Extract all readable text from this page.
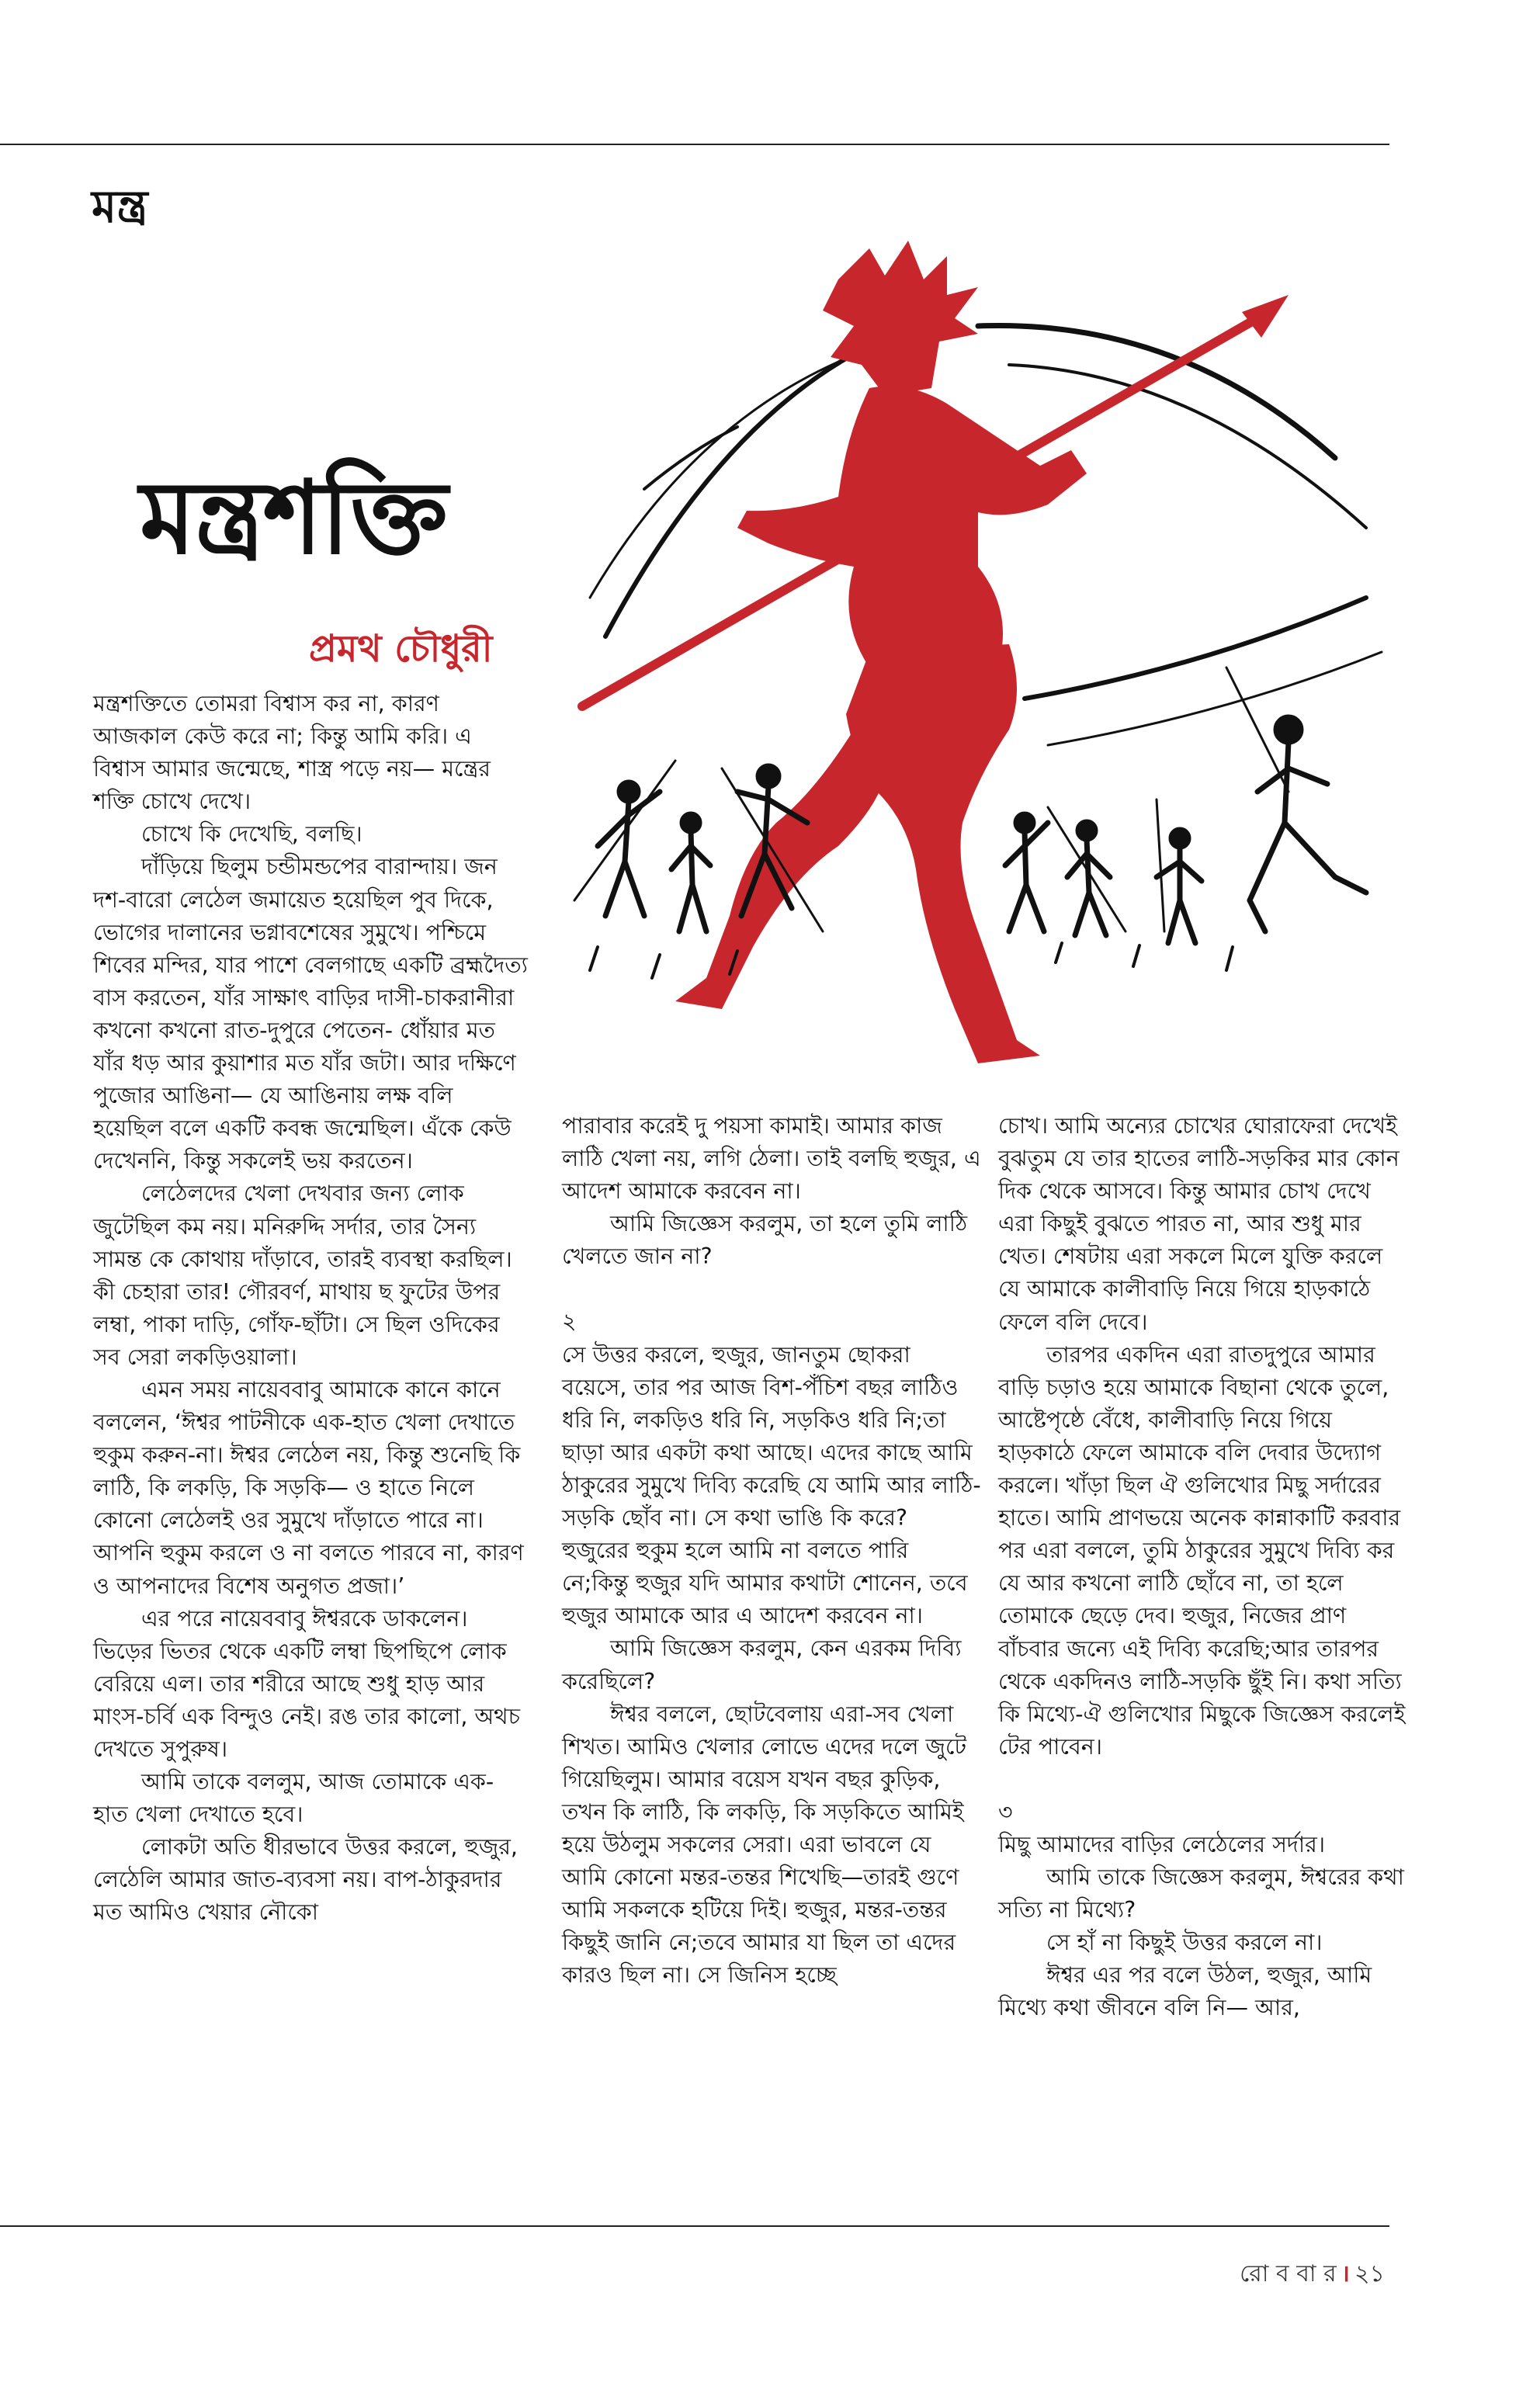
মন্ত্র
মন্ত্রশক্তি
প্রমথ চৌধুরী

মন্ত্রশক্তিতে তোমরা বিশ্বাস কর না, কারণ আজকাল কেউ করে না; কিন্তু আমি করি। এ বিশ্বাস আমার জন্মেছে, শাস্ত্র পড়ে নয়— মন্ত্রের শক্তি চোখে দেখে।

চোখে কি দেখেছি, বলছি।

দাঁড়িয়ে ছিলুম চন্ডীমন্ডপের বারান্দায়। জন দশ-বারো লেঠেল জমায়েত হয়েছিল পুব দিকে, ভোগের দালানের ভগ্নাবশেষের সুমুখে। পশ্চিমে শিবের মন্দির, যার পাশে বেলগাছে একটি ব্রহ্মদৈত্য বাস করতেন, যাঁর সাক্ষাৎ বাড়ির দাসী-চাকরানীরা কখনো কখনো রাত-দুপুরে পেতেন- ধোঁয়ার মত যাঁর ধড় আর কুয়াশার মত যাঁর জটা। আর দক্ষিণে পুজোর আঙিনা— যে আঙিনায় লক্ষ বলি হয়েছিল বলে একটি কবন্ধ জন্মেছিল। এঁকে কেউ দেখেননি, কিন্তু সকলেই ভয় করতেন।

লেঠেলদের খেলা দেখবার জন্য লোক জুটেছিল কম নয়। মনিরুদ্দি সর্দার, তার সৈন্য সামন্ত কে কোথায় দাঁড়াবে, তারই ব্যবস্থা করছিল। কী চেহারা তার! গৌরবর্ণ, মাথায় ছ ফুটের উপর লম্বা, পাকা দাড়ি, গোঁফ-ছাঁটা। সে ছিল ওদিকের সব সেরা লকড়িওয়ালা।

এমন সময় নায়েববাবু আমাকে কানে কানে বললেন, ‘ঈশ্বর পাটনীকে এক-হাত খেলা দেখাতে হুকুম করুন-না। ঈশ্বর লেঠেল নয়, কিন্তু শুনেছি কি লাঠি, কি লকড়ি, কি সড়কি— ও হাতে নিলে কোনো লেঠেলই ওর সুমুখে দাঁড়াতে পারে না। আপনি হুকুম করলে ও না বলতে পারবে না, কারণ ও আপনাদের বিশেষ অনুগত প্রজা।’

এর পরে নায়েববাবু ঈশ্বরকে ডাকলেন। ভিড়ের ভিতর থেকে একটি লম্বা ছিপছিপে লোক বেরিয়ে এল। তার শরীরে আছে শুধু হাড় আর মাংস-চর্বি এক বিন্দুও নেই। রঙ তার কালো, অথচ দেখতে সুপুরুষ।

আমি তাকে বললুম, আজ তোমাকে এক-হাত খেলা দেখাতে হবে।

লোকটা অতি ধীরভাবে উত্তর করলে, হুজুর, লেঠেলি আমার জাত-ব্যবসা নয়। বাপ-ঠাকুরদার মত আমিও খেয়ার নৌকো

পারাবার করেই দু পয়সা কামাই। আমার কাজ লাঠি খেলা নয়, লগি ঠেলা। তাই বলছি হুজুর, এ আদেশ আমাকে করবেন না।

আমি জিজ্ঞেস করলুম, তা হলে তুমি লাঠি খেলতে জান না?

২

সে উত্তর করলে, হুজুর, জানতুম ছোকরা বয়েসে, তার পর আজ বিশ-পঁচিশ বছর লাঠিও ধরি নি, লকড়িও ধরি নি, সড়কিও ধরি নি;তা ছাড়া আর একটা কথা আছে। এদের কাছে আমি ঠাকুরের সুমুখে দিব্যি করেছি যে আমি আর লাঠি-সড়কি ছোঁব না। সে কথা ভাঙি কি করে? হুজুরের হুকুম হলে আমি না বলতে পারি নে;কিন্তু হুজুর যদি আমার কথাটা শোনেন, তবে হুজুর আমাকে আর এ আদেশ করবেন না।

আমি জিজ্ঞেস করলুম, কেন এরকম দিব্যি করেছিলে?

ঈশ্বর বললে, ছোটবেলায় এরা-সব খেলা শিখত। আমিও খেলার লোভে এদের দলে জুটে গিয়েছিলুম। আমার বয়েস যখন বছর কুড়িক, তখন কি লাঠি, কি লকড়ি, কি সড়কিতে আমিই হয়ে উঠলুম সকলের সেরা। এরা ভাবলে যে আমি কোনো মন্তর-তন্তর শিখেছি—তারই গুণে আমি সকলকে হটিয়ে দিই। হুজুর, মন্তর-তন্তর কিছুই জানি নে;তবে আমার যা ছিল তা এদের কারও ছিল না। সে জিনিস হচ্ছে

চোখ। আমি অন্যের চোখের ঘোরাফেরা দেখেই বুঝতুম যে তার হাতের লাঠি-সড়কির মার কোন দিক থেকে আসবে। কিন্তু আমার চোখ দেখে এরা কিছুই বুঝতে পারত না, আর শুধু মার খেত। শেষটায় এরা সকলে মিলে যুক্তি করলে যে আমাকে কালীবাড়ি নিয়ে গিয়ে হাড়কাঠে ফেলে বলি দেবে।

তারপর একদিন এরা রাতদুপুরে আমার বাড়ি চড়াও হয়ে আমাকে বিছানা থেকে তুলে, আষ্টেপৃষ্ঠে বেঁধে, কালীবাড়ি নিয়ে গিয়ে হাড়কাঠে ফেলে আমাকে বলি দেবার উদ্যোগ করলে। খাঁড়া ছিল ঐ গুলিখোর মিছু সর্দারের হাতে। আমি প্রাণভয়ে অনেক কান্নাকাটি করবার পর এরা বললে, তুমি ঠাকুরের সুমুখে দিব্যি কর যে আর কখনো লাঠি ছোঁবে না, তা হলে তোমাকে ছেড়ে দেব। হুজুর, নিজের প্রাণ বাঁচবার জন্যে এই দিব্যি করেছি;আর তারপর থেকে একদিনও লাঠি-সড়কি ছুঁই নি। কথা সত্যি কি মিথ্যে-ঐ গুলিখোর মিছুকে জিজ্ঞেস করলেই টের পাবেন।

৩

মিছু আমাদের বাড়ির লেঠেলের সর্দার।

আমি তাকে জিজ্ঞেস করলুম, ঈশ্বরের কথা সত্যি না মিথ্যে?

সে হাঁ না কিছুই উত্তর করলে না।

ঈশ্বর এর পর বলে উঠল, হুজুর, আমি মিথ্যে কথা জীবনে বলি নি— আর,

রো ব বা র । ২১
